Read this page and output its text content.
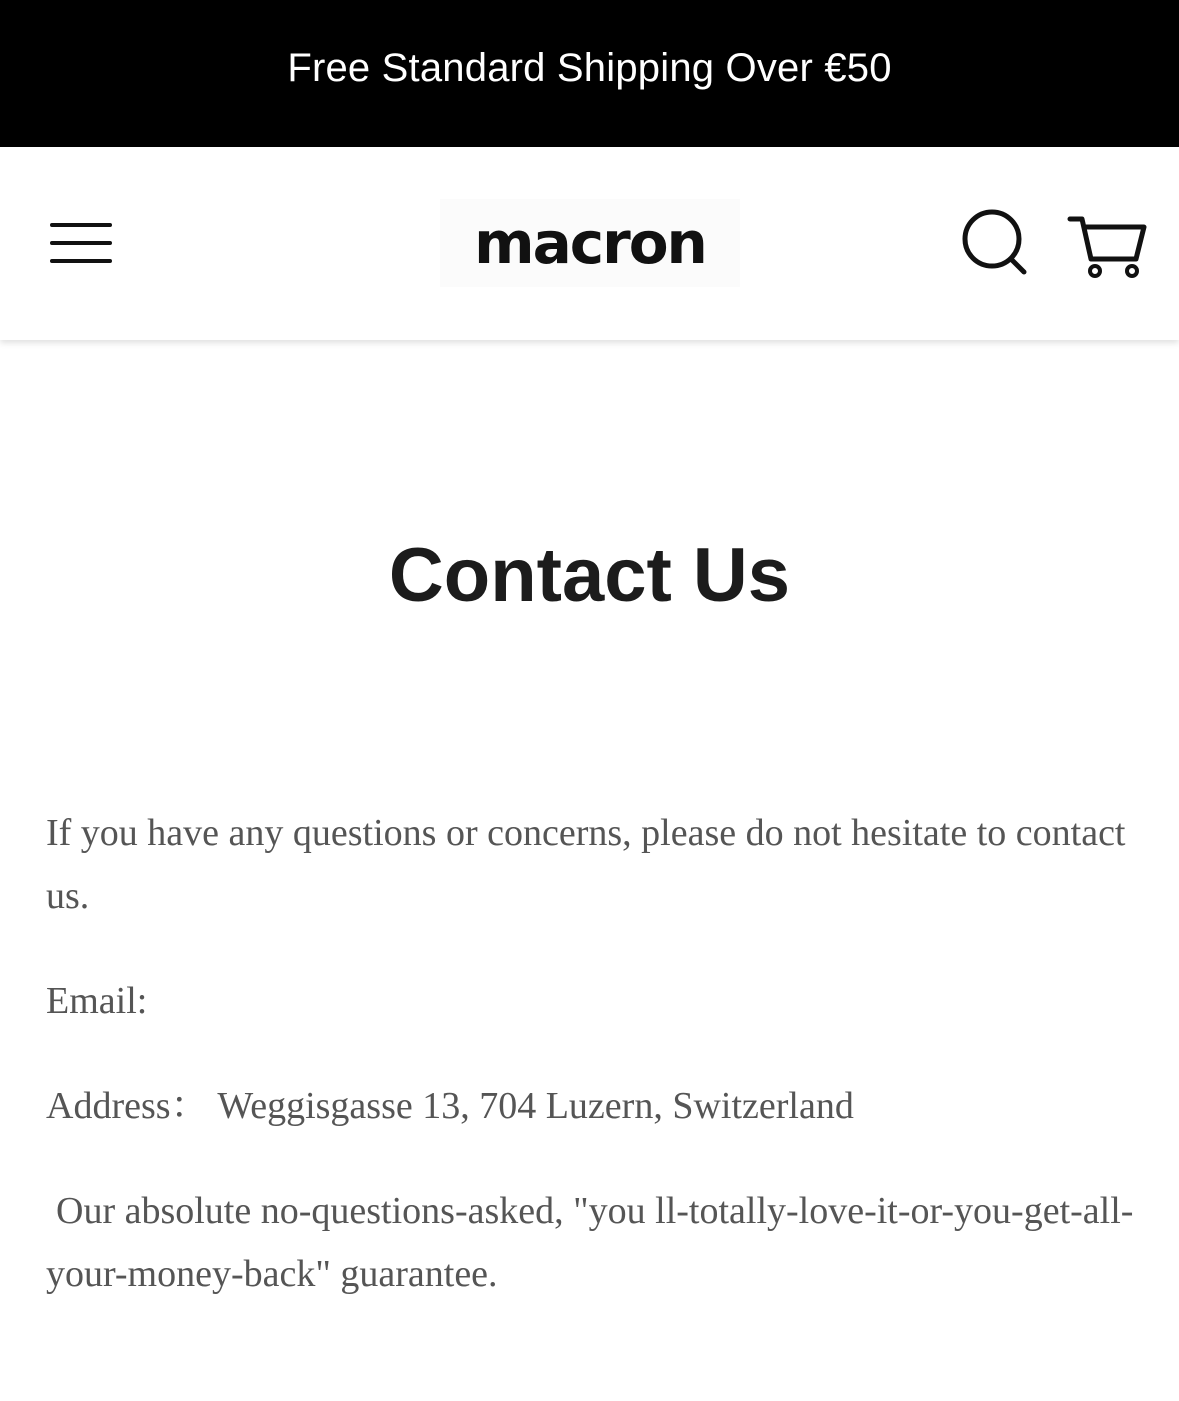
Free Standard Shipping Over €50
macron
Contact Us

If you have any questions or concerns, please do not hesitate to contact us.

Email:

Address： Weggisgasse 13, 704 Luzern, Switzerland

Our absolute no-questions-asked, "you ll-totally-love-it-or-you-get-all-your-money-back" guarantee.
